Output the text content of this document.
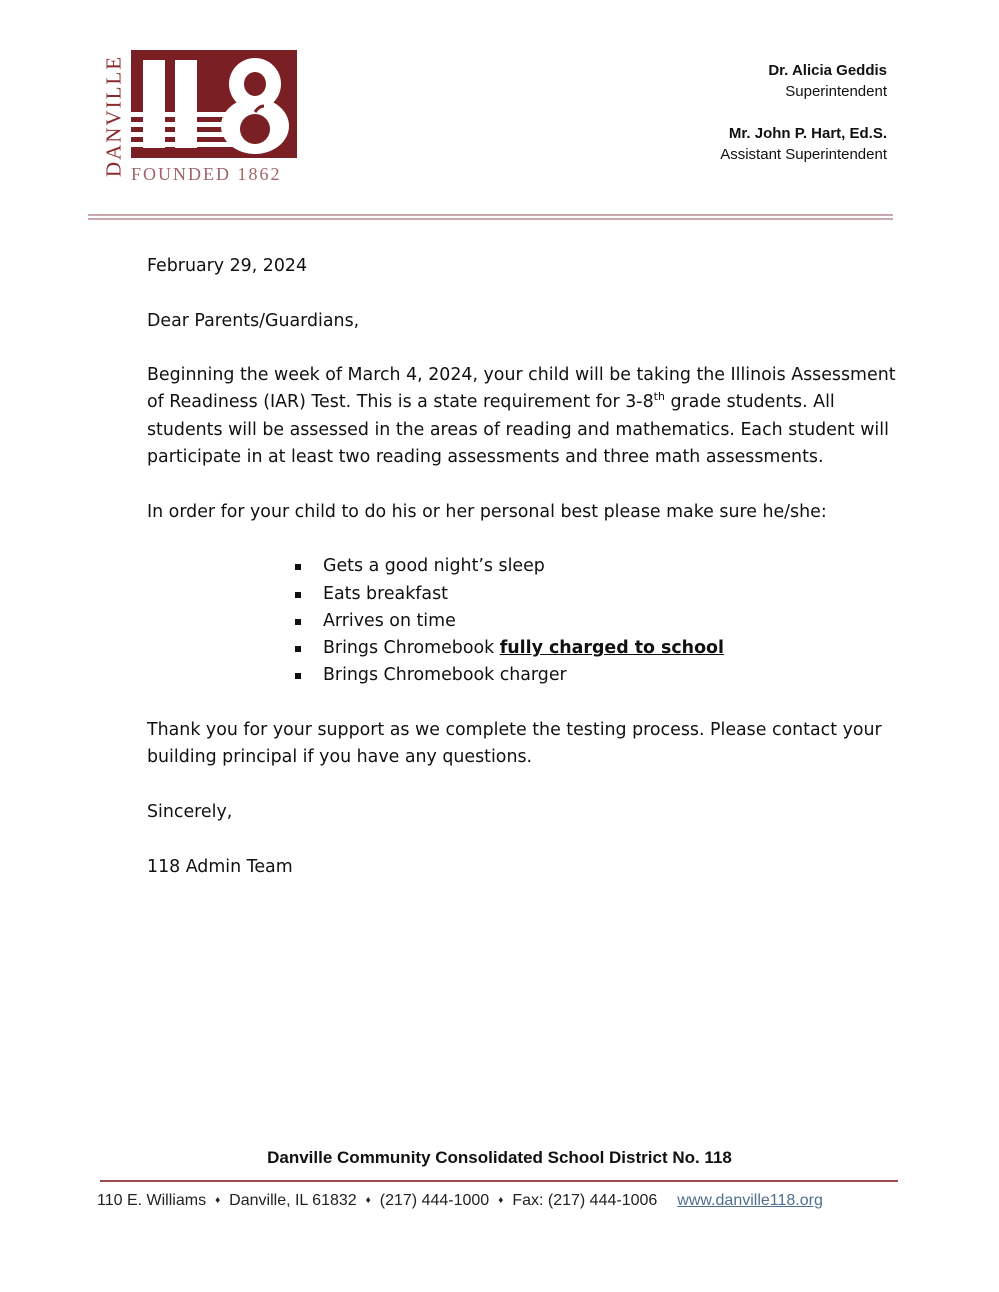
DANVILLE FOUNDED 1862
Dr. Alicia Geddis
Superintendent
Mr. John P. Hart, Ed.S.
Assistant Superintendent

February 29, 2024

Dear Parents/Guardians,

Beginning the week of March 4, 2024, your child will be taking the Illinois Assessment of Readiness (IAR) Test. This is a state requirement for 3-8th grade students. All students will be assessed in the areas of reading and mathematics. Each student will participate in at least two reading assessments and three math assessments.

In order for your child to do his or her personal best please make sure he/she:

Gets a good night’s sleep
Eats breakfast
Arrives on time
Brings Chromebook fully charged to school
Brings Chromebook charger

Thank you for your support as we complete the testing process. Please contact your building principal if you have any questions.

Sincerely,

118 Admin Team

Danville Community Consolidated School District No. 118
110 E. Williams ♦ Danville, IL 61832 ♦ (217) 444-1000 ♦ Fax: (217) 444-1006 www.danville118.org
